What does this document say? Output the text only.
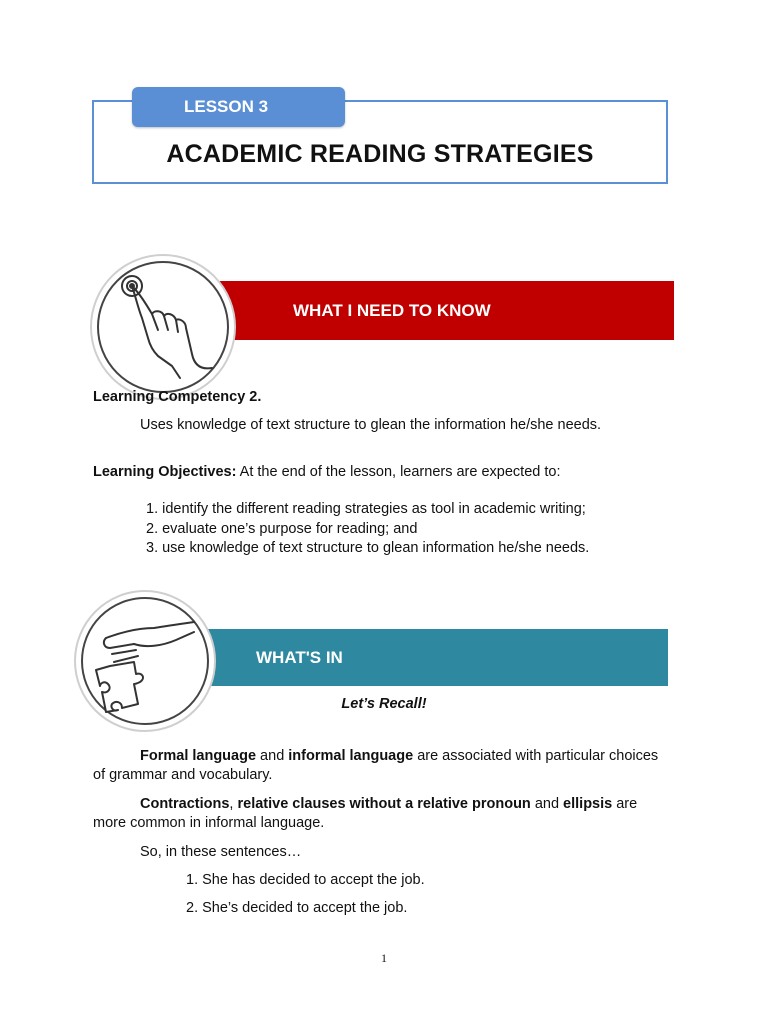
LESSON 3
ACADEMIC READING STRATEGIES
WHAT I NEED TO KNOW
Learning Competency 2.
Uses knowledge of text structure to glean the information he/she needs.
Learning Objectives: At the end of the lesson, learners are expected to:
1. identify the different reading strategies as tool in academic writing;
2. evaluate one’s purpose for reading; and
3. use knowledge of text structure to glean information he/she needs.
WHAT'S IN
Let’s Recall!
Formal language and informal language are associated with particular choices of grammar and vocabulary.
Contractions, relative clauses without a relative pronoun and ellipsis are more common in informal language.
So, in these sentences…
1. She has decided to accept the job.
2. She’s decided to accept the job.
1
